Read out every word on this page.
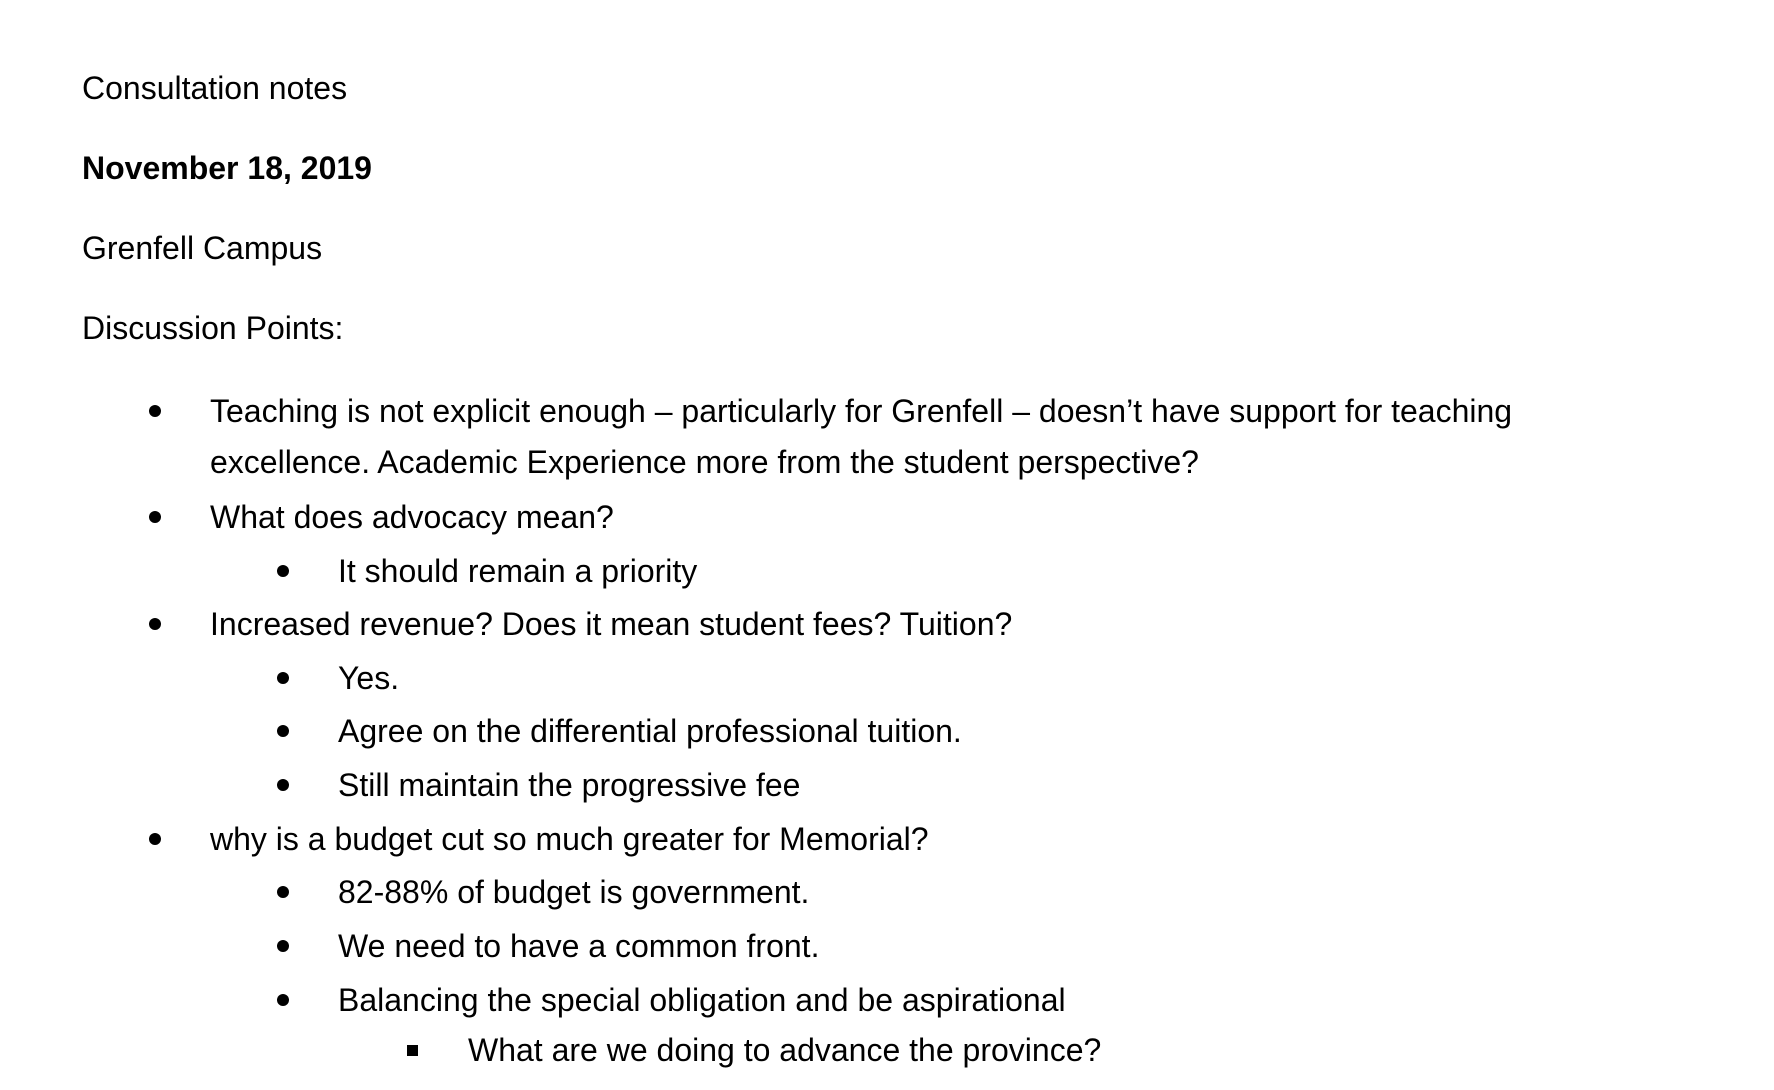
Consultation notes
November 18, 2019
Grenfell Campus
Discussion Points:
Teaching is not explicit enough – particularly for Grenfell – doesn’t have support for teaching
excellence. Academic Experience more from the student perspective?
What does advocacy mean?
It should remain a priority
Increased revenue? Does it mean student fees? Tuition?
Yes.
Agree on the differential professional tuition.
Still maintain the progressive fee
why is a budget cut so much greater for Memorial?
82-88% of budget is government.
We need to have a common front.
Balancing the special obligation and be aspirational
What are we doing to advance the province?
